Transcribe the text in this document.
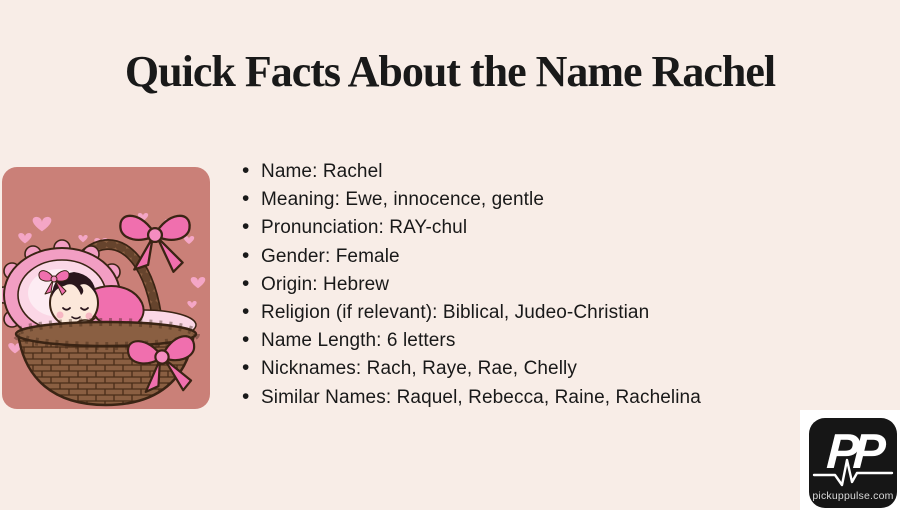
Quick Facts About the Name Rachel
• Name: Rachel
• Meaning: Ewe, innocence, gentle
• Pronunciation: RAY-chul
• Gender: Female
• Origin: Hebrew
• Religion (if relevant): Biblical, Judeo-Christian
• Name Length: 6 letters
• Nicknames: Rach, Raye, Rae, Chelly
• Similar Names: Raquel, Rebecca, Raine, Rachelina
PP
pickuppulse.com
